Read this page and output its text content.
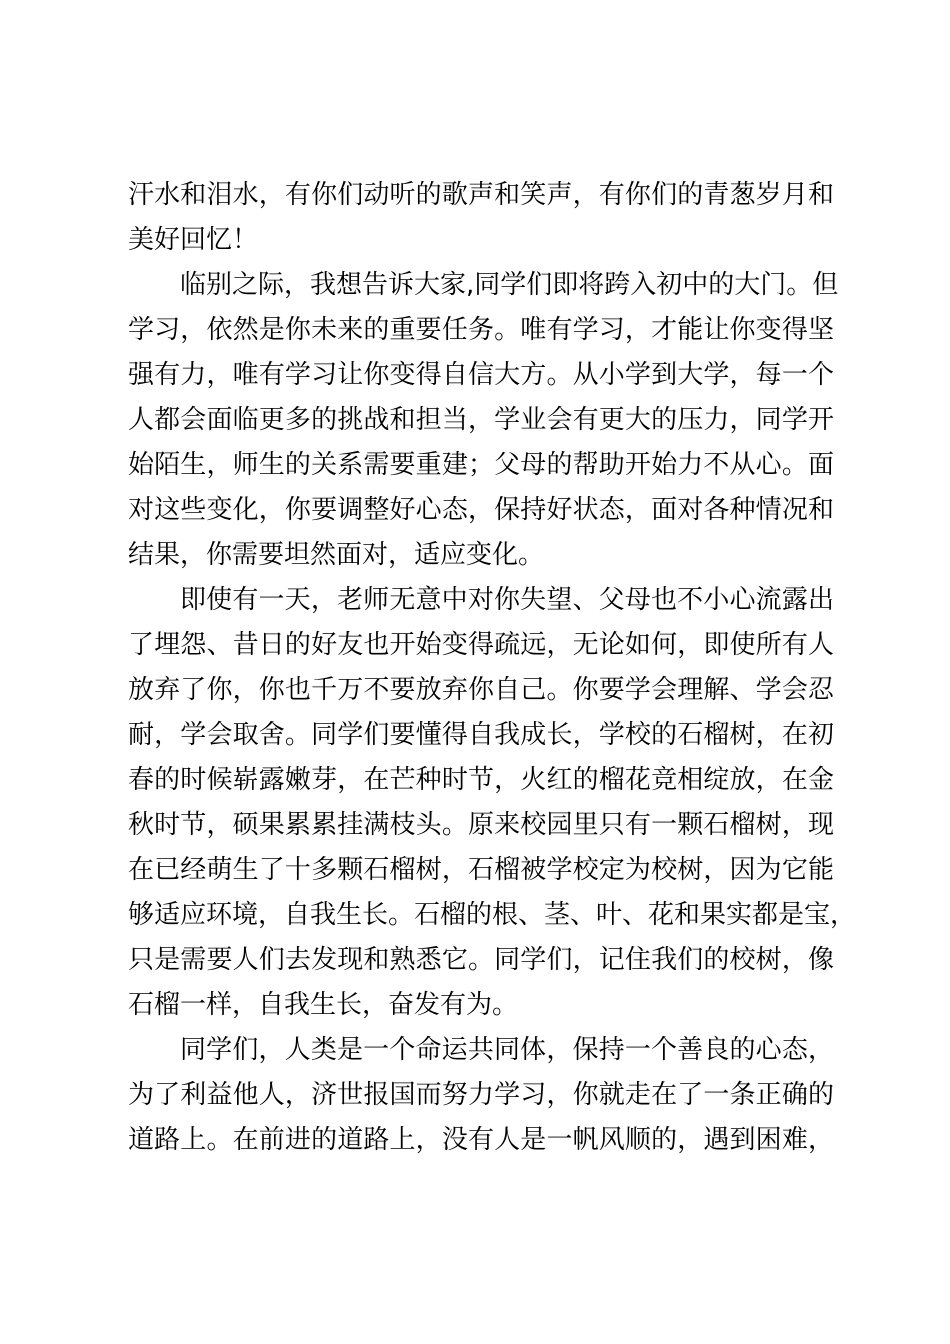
汗水和泪水，有你们动听的歌声和笑声，有你们的青葱岁月和
美好回忆！
临别之际，我想告诉大家,同学们即将跨入初中的大门。但
学习，依然是你未来的重要任务。唯有学习，才能让你变得坚
强有力，唯有学习让你变得自信大方。从小学到大学，每一个
人都会面临更多的挑战和担当，学业会有更大的压力，同学开
始陌生，师生的关系需要重建；父母的帮助开始力不从心。面
对这些变化，你要调整好心态，保持好状态，面对各种情况和
结果，你需要坦然面对，适应变化。
即使有一天，老师无意中对你失望、父母也不小心流露出
了埋怨、昔日的好友也开始变得疏远，无论如何，即使所有人
放弃了你，你也千万不要放弃你自己。你要学会理解、学会忍
耐，学会取舍。同学们要懂得自我成长，学校的石榴树，在初
春的时候崭露嫩芽，在芒种时节，火红的榴花竞相绽放，在金
秋时节，硕果累累挂满枝头。原来校园里只有一颗石榴树，现
在已经萌生了十多颗石榴树，石榴被学校定为校树，因为它能
够适应环境，自我生长。石榴的根、茎、叶、花和果实都是宝，
只是需要人们去发现和熟悉它。同学们，记住我们的校树，像
石榴一样，自我生长，奋发有为。
同学们，人类是一个命运共同体，保持一个善良的心态，
为了利益他人，济世报国而努力学习，你就走在了一条正确的
道路上。在前进的道路上，没有人是一帆风顺的，遇到困难，
